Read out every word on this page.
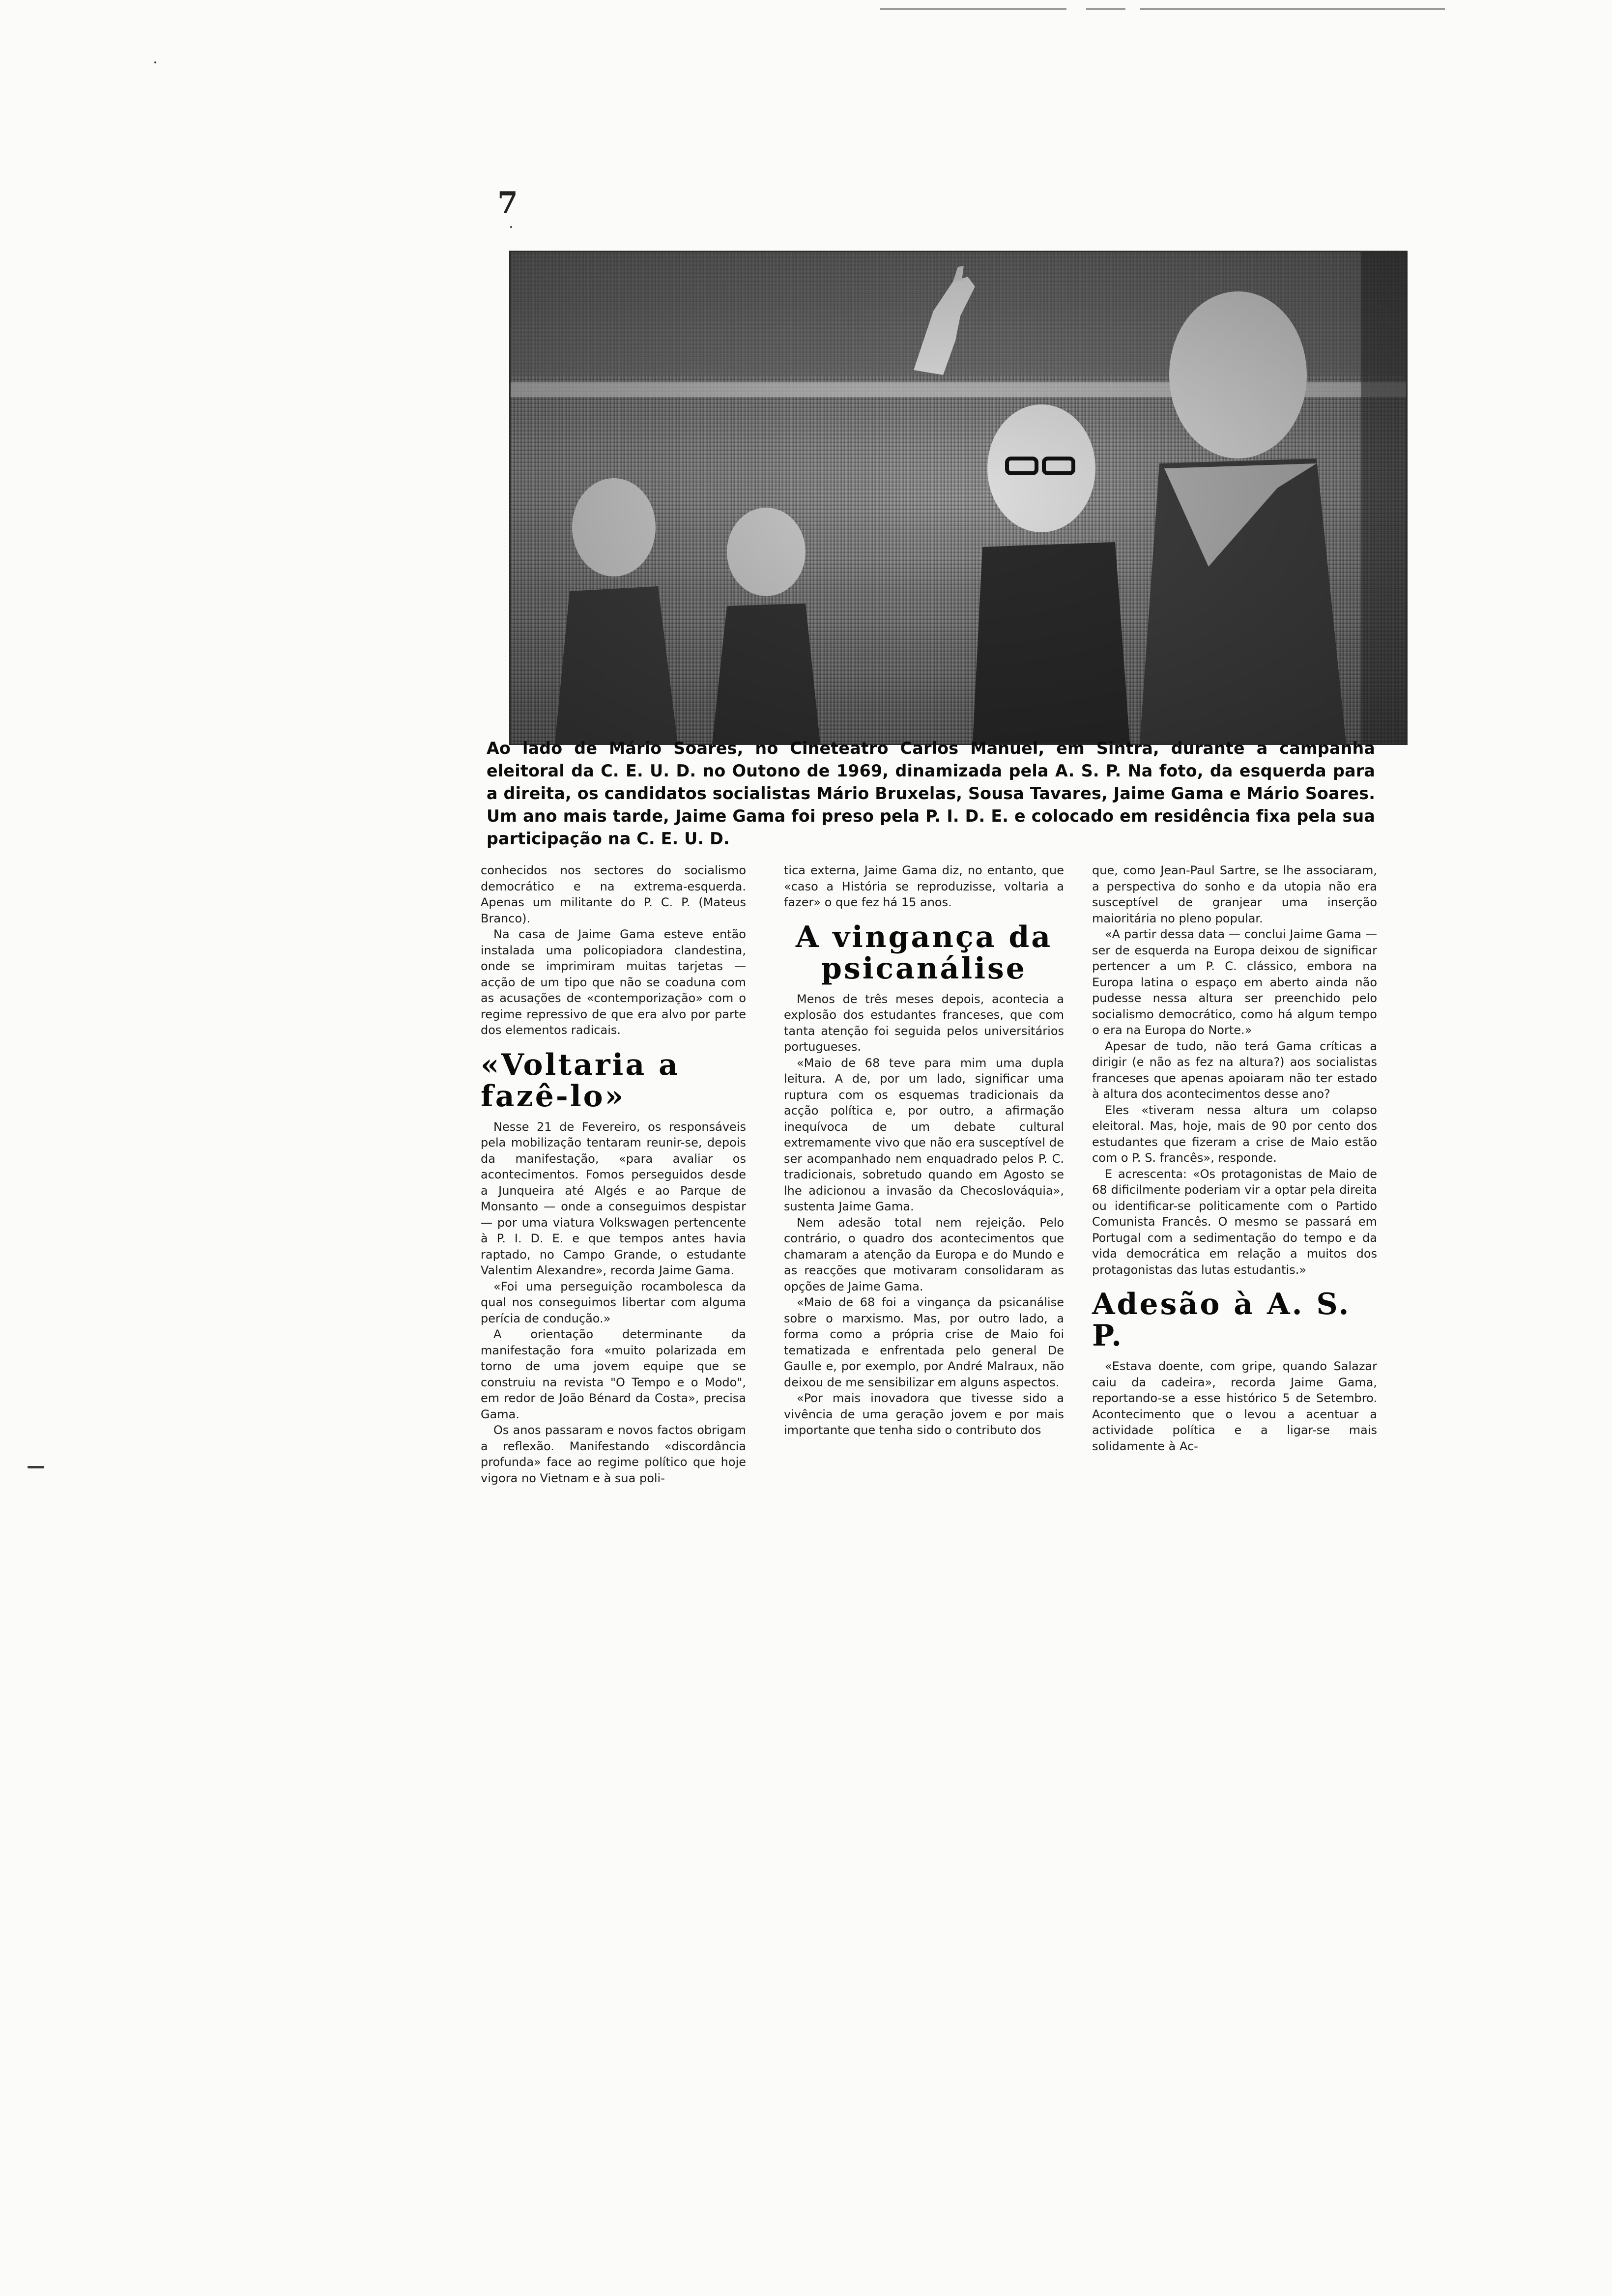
7
Ao lado de Mário Soares, no Cineteatro Carlos Manuel, em Sintra, durante a campanha eleitoral da C. E. U. D. no Outono de 1969, dinamizada pela A. S. P. Na foto, da esquerda para a direita, os candidatos socialistas Mário Bruxelas, Sousa Tavares, Jaime Gama e Mário Soares. Um ano mais tarde, Jaime Gama foi preso pela P. I. D. E. e colocado em residência fixa pela sua participação na C. E. U. D.

conhecidos nos sectores do socialismo democrático e na extrema-esquerda. Apenas um militante do P. C. P. (Mateus Branco).

Na casa de Jaime Gama esteve então instalada uma policopiadora clandestina, onde se imprimiram muitas tarjetas — acção de um tipo que não se coaduna com as acusações de «contemporização» com o regime repressivo de que era alvo por parte dos elementos radicais.

«Voltaria a fazê-lo»

Nesse 21 de Fevereiro, os responsáveis pela mobilização tentaram reunir-se, depois da manifestação, «para avaliar os acontecimentos. Fomos perseguidos desde a Junqueira até Algés e ao Parque de Monsanto — onde a conseguimos despistar — por uma viatura Volkswagen pertencente à P. I. D. E. e que tempos antes havia raptado, no Campo Grande, o estudante Valentim Alexandre», recorda Jaime Gama.

«Foi uma perseguição rocambolesca da qual nos conseguimos libertar com alguma perícia de condução.»

A orientação determinante da manifestação fora «muito polarizada em torno de uma jovem equipe que se construiu na revista "O Tempo e o Modo", em redor de João Bénard da Costa», precisa Gama.

Os anos passaram e novos factos obrigam a reflexão. Manifestando «discordância profunda» face ao regime político que hoje vigora no Vietnam e à sua poli-

tica externa, Jaime Gama diz, no entanto, que «caso a História se reproduzisse, voltaria a fazer» o que fez há 15 anos.

A vingança da psicanálise

Menos de três meses depois, acontecia a explosão dos estudantes franceses, que com tanta atenção foi seguida pelos universitários portugueses.

«Maio de 68 teve para mim uma dupla leitura. A de, por um lado, significar uma ruptura com os esquemas tradicionais da acção política e, por outro, a afirmação inequívoca de um debate cultural extremamente vivo que não era susceptível de ser acompanhado nem enquadrado pelos P. C. tradicionais, sobretudo quando em Agosto se lhe adicionou a invasão da Checoslováquia», sustenta Jaime Gama.

Nem adesão total nem rejeição. Pelo contrário, o quadro dos acontecimentos que chamaram a atenção da Europa e do Mundo e as reacções que motivaram consolidaram as opções de Jaime Gama.

«Maio de 68 foi a vingança da psicanálise sobre o marxismo. Mas, por outro lado, a forma como a própria crise de Maio foi tematizada e enfrentada pelo general De Gaulle e, por exemplo, por André Malraux, não deixou de me sensibilizar em alguns aspectos.

«Por mais inovadora que tivesse sido a vivência de uma geração jovem e por mais importante que tenha sido o contributo dos

que, como Jean-Paul Sartre, se lhe associaram, a perspectiva do sonho e da utopia não era susceptível de granjear uma inserção maioritária no pleno popular.

«A partir dessa data — conclui Jaime Gama — ser de esquerda na Europa deixou de significar pertencer a um P. C. clássico, embora na Europa latina o espaço em aberto ainda não pudesse nessa altura ser preenchido pelo socialismo democrático, como há algum tempo o era na Europa do Norte.»

Apesar de tudo, não terá Gama críticas a dirigir (e não as fez na altura?) aos socialistas franceses que apenas apoiaram não ter estado à altura dos acontecimentos desse ano?

Eles «tiveram nessa altura um colapso eleitoral. Mas, hoje, mais de 90 por cento dos estudantes que fizeram a crise de Maio estão com o P. S. francês», responde.

E acrescenta: «Os protagonistas de Maio de 68 dificilmente poderiam vir a optar pela direita ou identificar-se politicamente com o Partido Comunista Francês. O mesmo se passará em Portugal com a sedimentação do tempo e da vida democrática em relação a muitos dos protagonistas das lutas estudantis.»

Adesão à A. S. P.

«Estava doente, com gripe, quando Salazar caiu da cadeira», recorda Jaime Gama, reportando-se a esse histórico 5 de Setembro. Acontecimento que o levou a acentuar a actividade política e a ligar-se mais solidamente à Ac-
